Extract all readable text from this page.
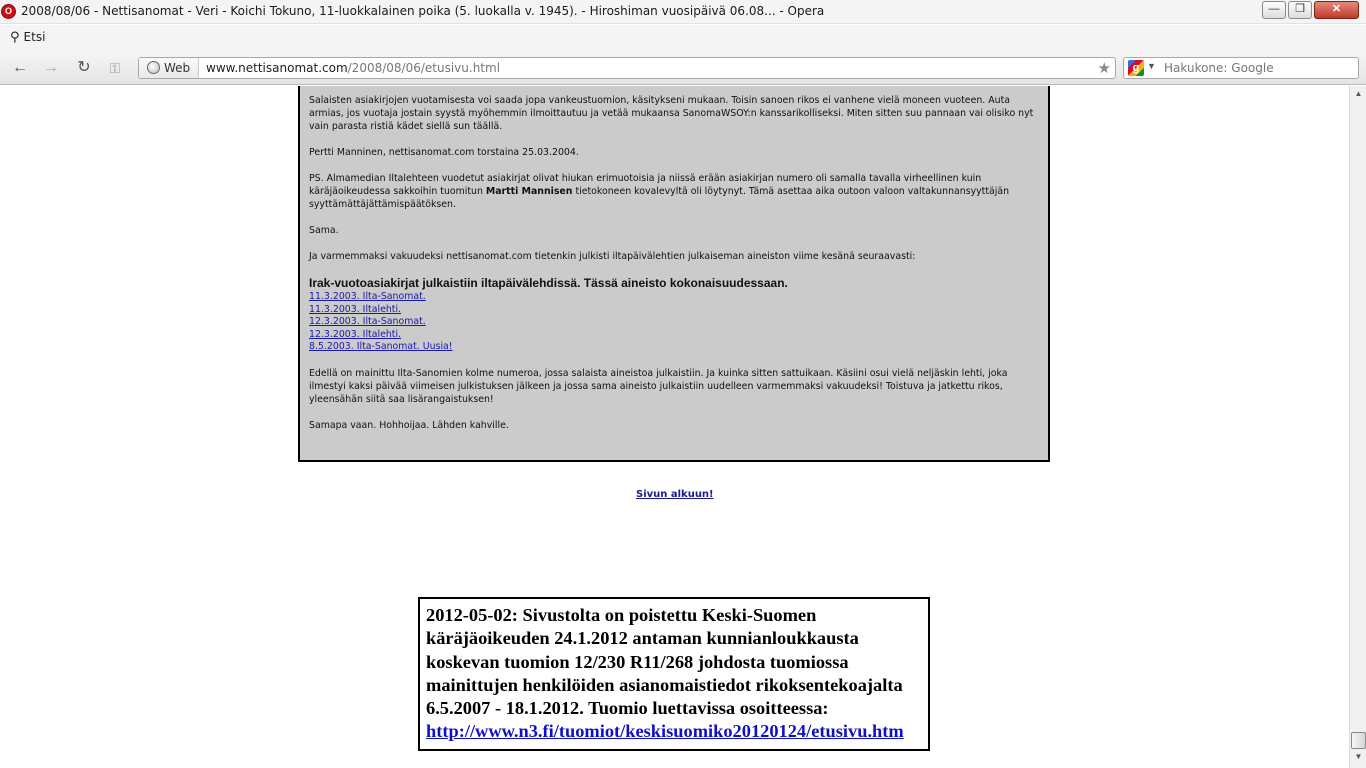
O 2008/08/06 - Nettisanomat - Veri - Koichi Tokuno, 11-luokkalainen poika (5. luokalla v. 1945). - Hiroshiman vuosipäivä 06.08... - Opera	—	❐	✕
⚲ Etsi
← → ↻	⚿	Web	www.nettisanomat.com/2008/08/06/etusivu.html	★	g ▼ Hakukone: Google

Salaisten asiakirjojen vuotamisesta voi saada jopa vankeustuomion, käsitykseni mukaan. Toisin sanoen rikos ei vanhene vielä moneen vuoteen. Auta armias, jos vuotaja jostain syystä myöhemmin ilmoittautuu ja vetää mukaansa SanomaWSOY:n kanssarikolliseksi. Miten sitten suu pannaan vai olisiko nyt vain parasta ristiä kädet siellä sun täällä.

Pertti Manninen, nettisanomat.com torstaina 25.03.2004.

PS. Almamedian Iltalehteen vuodetut asiakirjat olivat hiukan erimuotoisia ja niissä erään asiakirjan numero oli samalla tavalla virheellinen kuin käräjäoikeudessa sakkoihin tuomitun Martti Mannisen tietokoneen kovalevyltä oli löytynyt. Tämä asettaa aika outoon valoon valtakunnansyyttäjän syyttämättäjättämispäätöksen.

Sama.

Ja varmemmaksi vakuudeksi nettisanomat.com tietenkin julkisti iltapäivälehtien julkaiseman aineiston viime kesänä seuraavasti:

Irak-vuotoasiakirjat julkaistiin iltapäivälehdissä. Tässä aineisto kokonaisuudessaan.
11.3.2003. Ilta-Sanomat.
11.3.2003. Iltalehti.
12.3.2003. Ilta-Sanomat.
12.3.2003. Iltalehti.
8.5.2003. Ilta-Sanomat. Uusia!

Edellä on mainittu Ilta-Sanomien kolme numeroa, jossa salaista aineistoa julkaistiin. Ja kuinka sitten sattuikaan. Käsiini osui vielä neljäskin lehti, joka ilmestyi kaksi päivää viimeisen julkistuksen jälkeen ja jossa sama aineisto julkaistiin uudelleen varmemmaksi vakuudeksi! Toistuva ja jatkettu rikos, yleensähän siitä saa lisärangaistuksen!

Samapa vaan. Hohhoijaa. Lähden kahville.

Sivun alkuun!
2012-05-02: Sivustolta on poistettu Keski-Suomen käräjäoikeuden 24.1.2012 antaman kunnianloukkausta koskevan tuomion 12/230 R11/268 johdosta tuomiossa mainittujen henkilöiden asianomaistiedot rikoksentekoajalta 6.5.2007 - 18.1.2012. Tuomio luettavissa osoitteessa: http://www.n3.fi/tuomiot/keskisuomiko20120124/etusivu.htm
▲
▼
